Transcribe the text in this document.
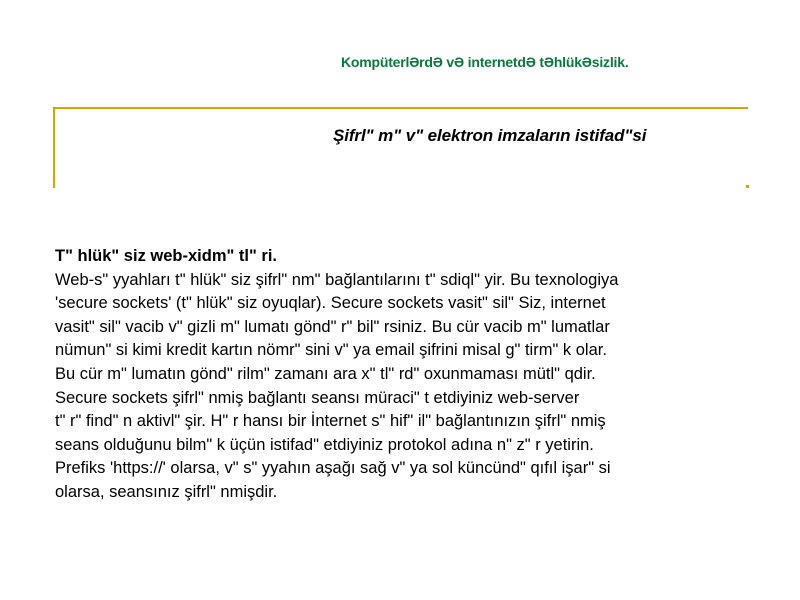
KompüterlƏrdƏ vƏ internetdƏ tƏhlükƏsizlik.
Şifrl" m" v" elektron imzaların istifad"si
T" hlük" siz web-xidm" tl" ri.
Web-s" yyahları t" hlük" siz şifrl" nm" bağlantılarını t" sdiql" yir. Bu texnologiya
'secure sockets' (t" hlük" siz oyuqlar). Secure sockets vasit" sil" Siz, internet
vasit" sil" vacib v" gizli m" lumatı gönd" r" bil" rsiniz. Bu cür vacib m" lumatlar
nümun" si kimi kredit kartın nömr" sini v" ya email şifrini misal g" tirm" k olar.
Bu cür m" lumatın gönd" rilm" zamanı ara x" tl" rd" oxunmaması mütl" qdir.
Secure sockets şifrl" nmiş bağlantı seansı müraci" t etdiyiniz web-server
t" r" find" n aktivl" şir. H" r hansı bir İnternet s" hif" il" bağlantınızın şifrl" nmiş
seans olduğunu bilm" k üçün istifad" etdiyiniz protokol adına n" z" r yetirin.
Prefiks 'https://' olarsa, v" s" yyahın aşağı sağ v" ya sol küncünd" qıfıl işar" si
olarsa, seansınız şifrl" nmişdir.
